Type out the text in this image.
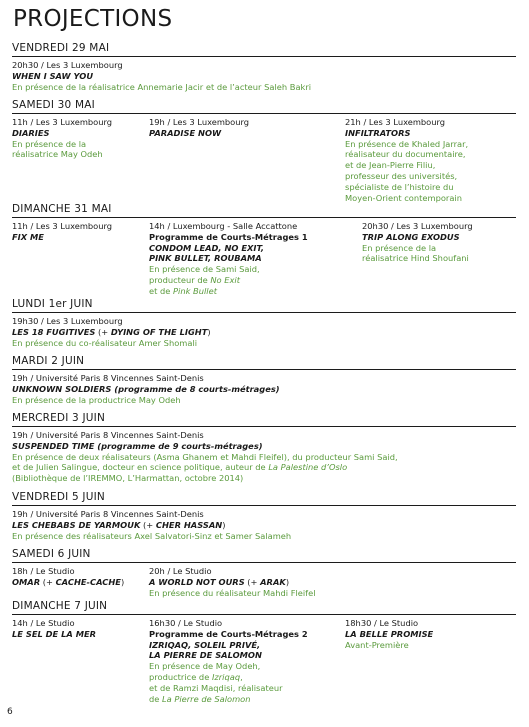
PROJECTIONS
VENDREDI 29 MAI
20h30 / Les 3 Luxembourg
WHEN I SAW YOU
En présence de la réalisatrice Annemarie Jacir et de l’acteur Saleh Bakri
SAMEDI 30 MAI
11h / Les 3 Luxembourg
DIARIES
En présence de la
réalisatrice May Odeh
19h / Les 3 Luxembourg
PARADISE NOW
21h / Les 3 Luxembourg
INFILTRATORS
En présence de Khaled Jarrar,
réalisateur du documentaire,
et de Jean-Pierre Filiu,
professeur des universités,
spécialiste de l’histoire du
Moyen-Orient contemporain
DIMANCHE 31 MAI
11h / Les 3 Luxembourg
FIX ME
14h / Luxembourg - Salle Accattone
Programme de Courts-Métrages 1
CONDOM LEAD, NO EXIT,
PINK BULLET, ROUBAMA
En présence de Sami Said,
producteur de No Exit
et de Pink Bullet
20h30 / Les 3 Luxembourg
TRIP ALONG EXODUS
En présence de la
réalisatrice Hind Shoufani
LUNDI 1er JUIN
19h30 / Les 3 Luxembourg
LES 18 FUGITIVES (+ DYING OF THE LIGHT)
En présence du co-réalisateur Amer Shomali
MARDI 2 JUIN
19h / Université Paris 8 Vincennes Saint-Denis
UNKNOWN SOLDIERS (programme de 8 courts-métrages)
En présence de la productrice May Odeh
MERCREDI 3 JUIN
19h / Université Paris 8 Vincennes Saint-Denis
SUSPENDED TIME (programme de 9 courts-métrages)
En présence de deux réalisateurs (Asma Ghanem et Mahdi Fleifel), du producteur Sami Said,
et de Julien Salingue, docteur en science politique, auteur de La Palestine d’Oslo
(Bibliothèque de l’IREMMO, L’Harmattan, octobre 2014)
VENDREDI 5 JUIN
19h / Université Paris 8 Vincennes Saint-Denis
LES CHEBABS DE YARMOUK (+ CHER HASSAN)
En présence des réalisateurs Axel Salvatori-Sinz et Samer Salameh
SAMEDI 6 JUIN
18h / Le Studio
OMAR (+ CACHE-CACHE)
20h / Le Studio
A WORLD NOT OURS (+ ARAK)
En présence du réalisateur Mahdi Fleifel
DIMANCHE 7 JUIN
14h / Le Studio
LE SEL DE LA MER
16h30 / Le Studio
Programme de Courts-Métrages 2
IZRIQAQ, SOLEIL PRIVÉ,
LA PIERRE DE SALOMON
En présence de May Odeh,
productrice de Izriqaq,
et de Ramzi Maqdisi, réalisateur
de La Pierre de Salomon
18h30 / Le Studio
LA BELLE PROMISE
Avant-Première
6
